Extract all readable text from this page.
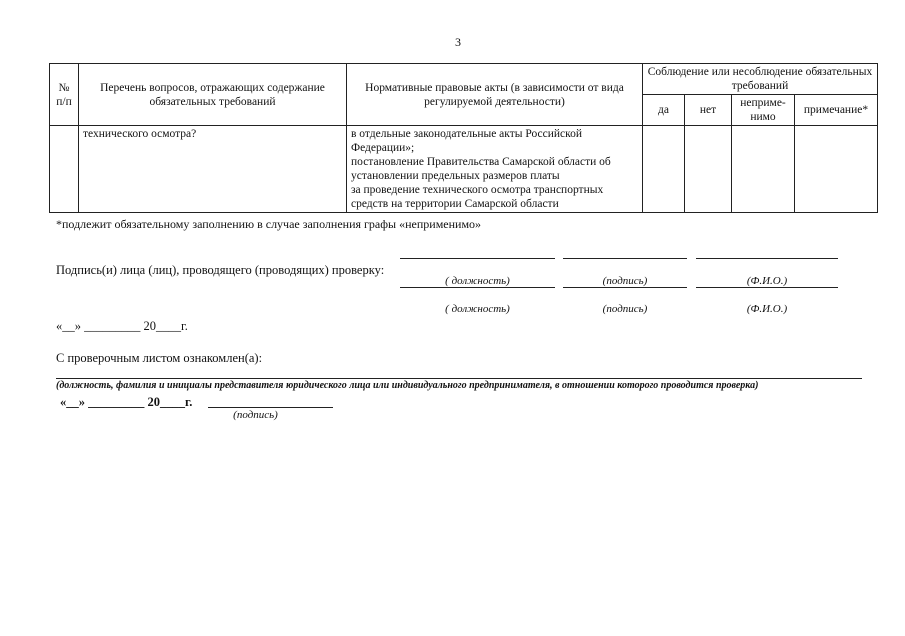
3
№ п/п	Перечень вопросов, отражающих содержание обязательных требований	Нормативные правовые акты (в зависимости от вида регулируемой деятельности)	Соблюдение или несоблюдение обязательных требований			
			да	нет	неприме- нимо	примечание*
	технического осмотра?	в отдельные законодательные акты Российской Федерации»;
постановление Правительства Самарской области об установлении предельных размеров платы
за проведение технического осмотра транспортных средств на территории Самарской области				

*подлежит обязательному заполнению в случае заполнения графы «неприменимо»
Подпись(и) лица (лиц), проводящего (проводящих) проверку:
( должность)	(подпись)	(Ф.И.О.)
( должность)	(подпись)	(Ф.И.О.)
«__» _________ 20____г.
С проверочным листом ознакомлен(а):
(должность, фамилия и инициалы представителя юридического лица или индивидуального предпринимателя, в отношении которого проводится проверка)
«__» _________ 20____г.
(подпись)
